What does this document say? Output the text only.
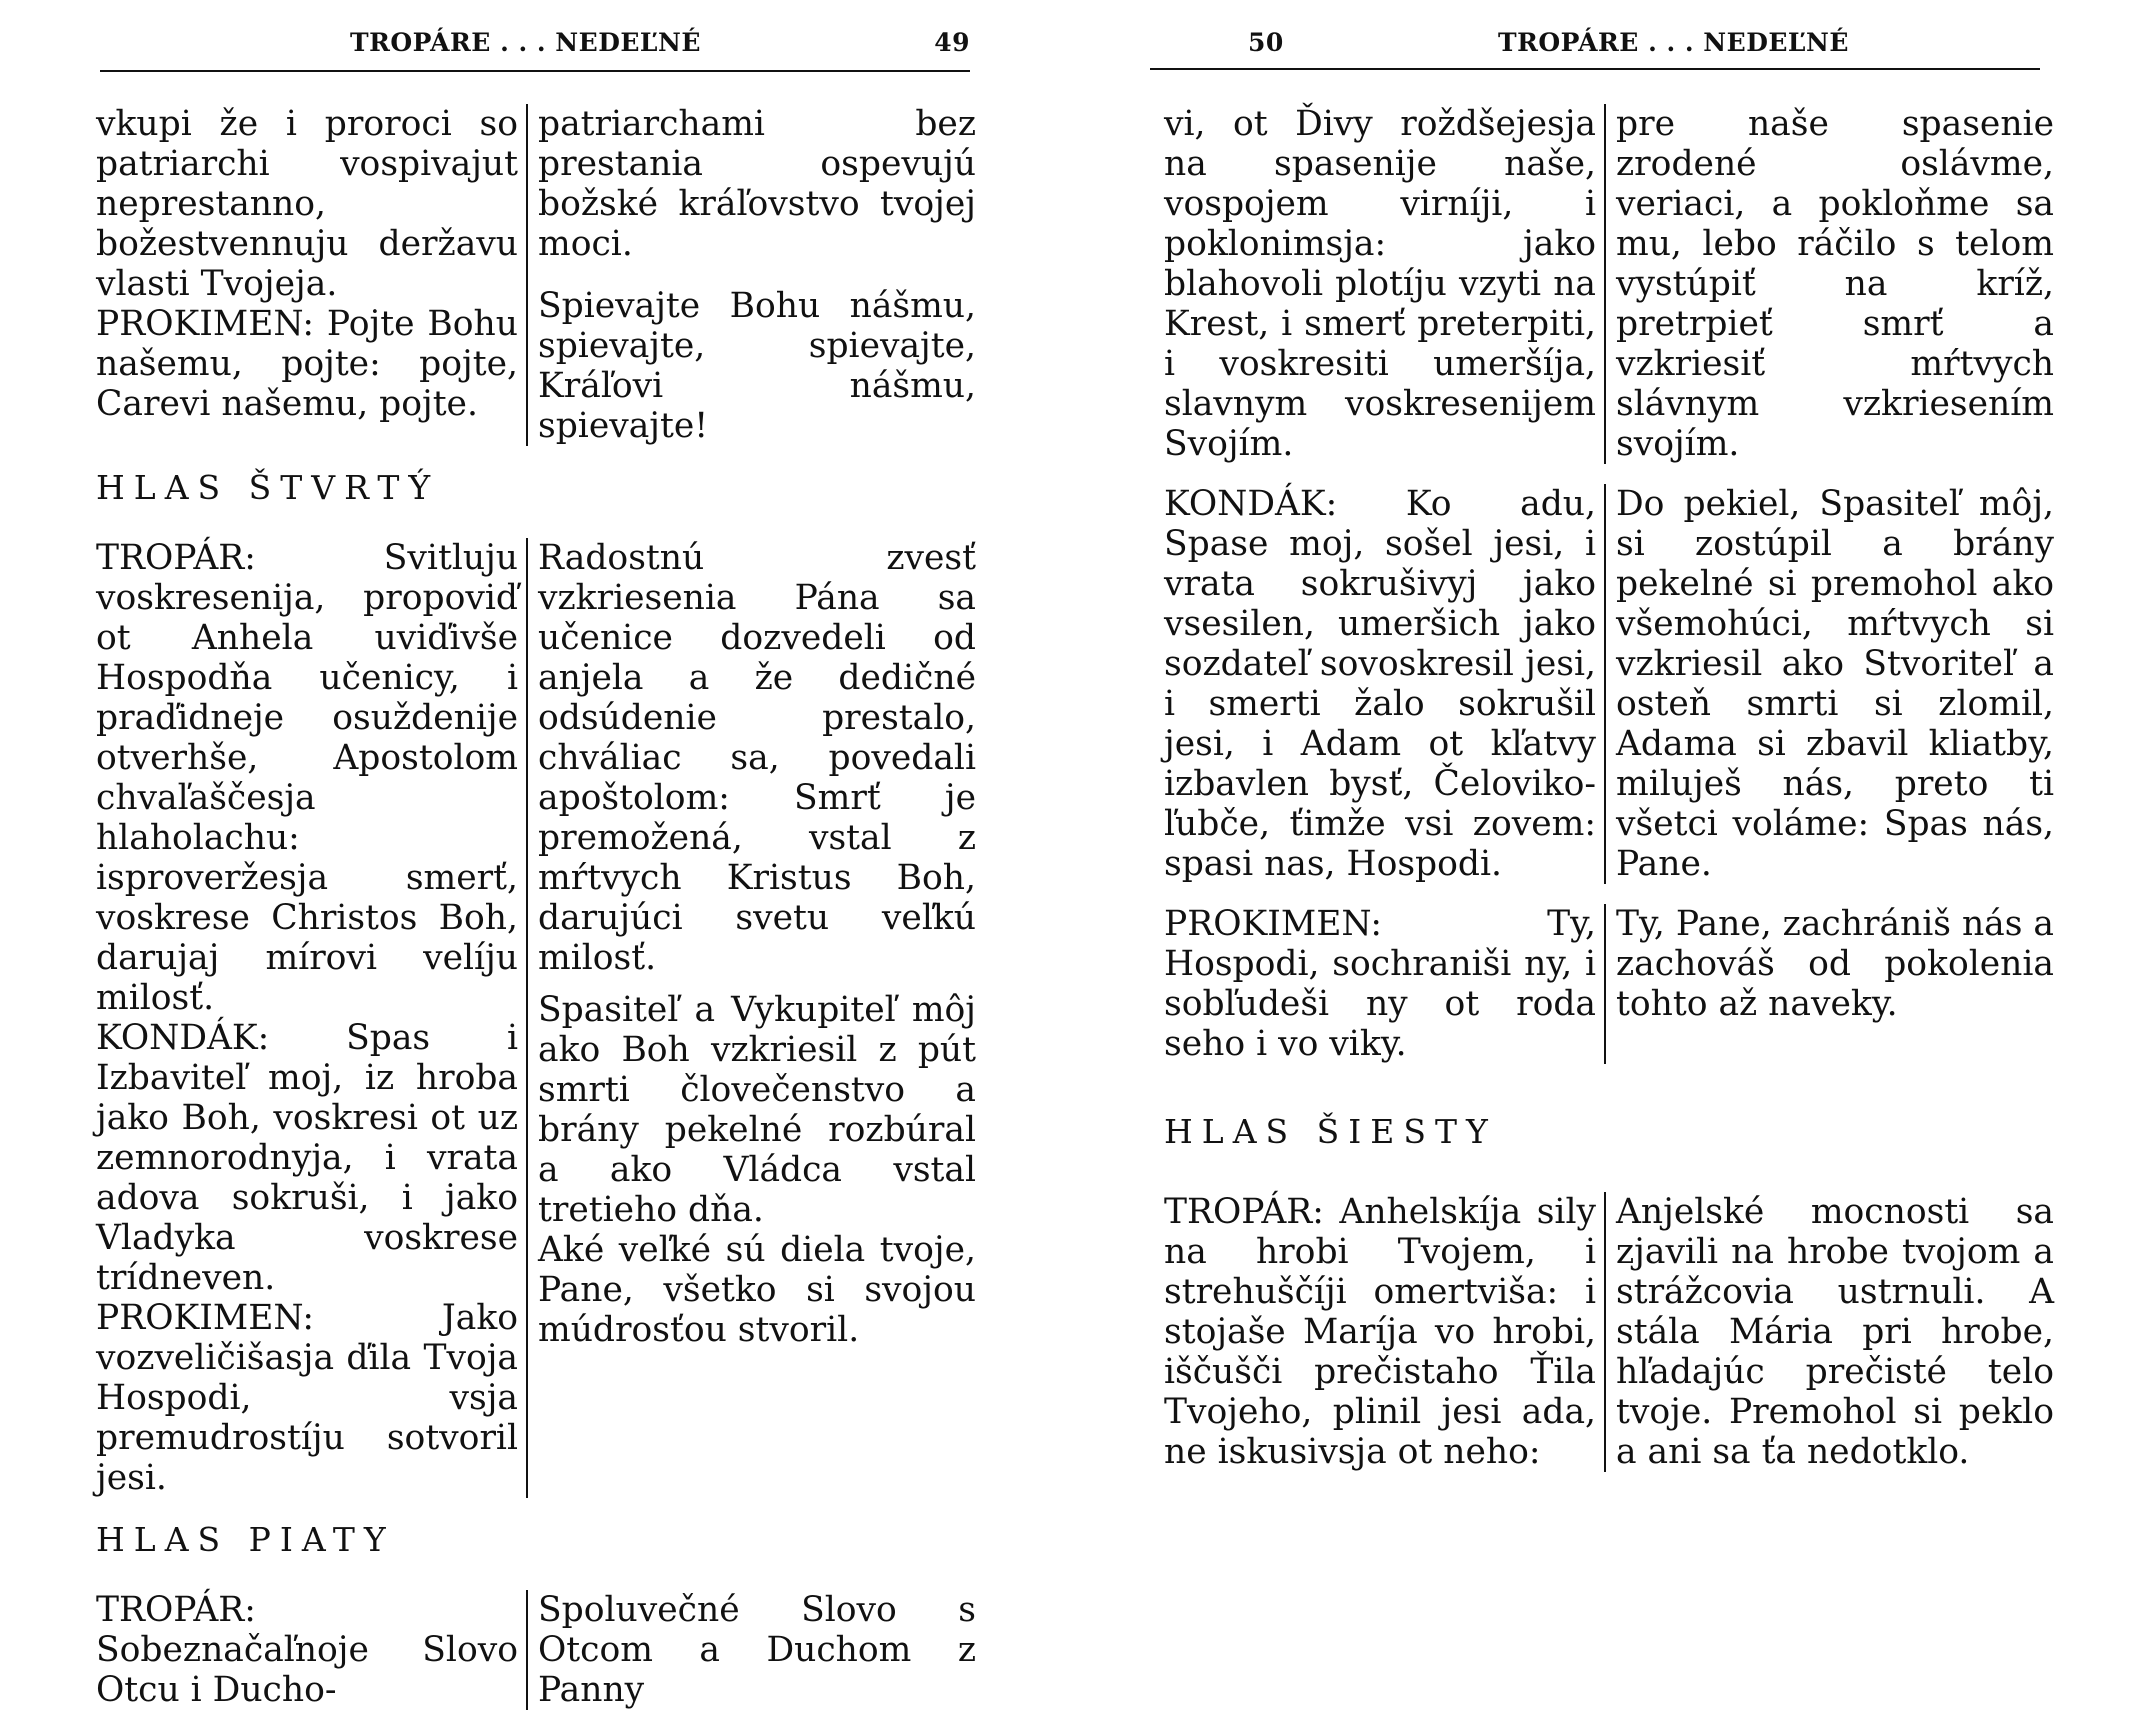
TROPÁRE . . . NEDEĽNÉ	49

vkupi že i proroci so patriarchi vospivajut neprestanno, božestvennuju deržavu vlasti Tvojeja.

PROKIMEN: Pojte Bohu našemu, pojte: pojte, Carevi našemu, pojte.

patriarchami bez prestania ospevujú božské kráľovstvo tvojej moci.

Spievajte Bohu nášmu, spievajte, spievajte, Kráľovi nášmu, spievajte!

HLAS ŠTVRTÝ

TROPÁR: Svitluju voskresenija, propoviď ot Anhela uviďivše Hospodňa učenicy, i praďidneje osuždenije otverhše, Apostolom chvaľaščesja hlaholachu: isproveržesja smerť, voskrese Christos Boh, darujaj mírovi velíju milosť.

KONDÁK: Spas i Izbaviteľ moj, iz hroba jako Boh, voskresi ot uz zemnorodnyja, i vrata adova sokruši, i jako Vladyka voskrese trídneven.

PROKIMEN: Jako vozveličišasja ďila Tvoja Hospodi, vsja premudrostíju sotvoril jesi.

Radostnú zvesť vzkriesenia Pána sa učenice dozvedeli od anjela a že dedičné odsúdenie prestalo, chváliac sa, povedali apoštolom: Smrť je premožená, vstal z mŕtvych Kristus Boh, darujúci svetu veľkú milosť.

Spasiteľ a Vykupiteľ môj ako Boh vzkriesil z pút smrti človečenstvo a brány pekelné rozbúral a ako Vládca vstal tretieho dňa.

Aké veľké sú diela tvoje, Pane, všetko si svojou múdrosťou stvoril.

HLAS PIATY

TROPÁR: Sobeznačaľnoje Slovo Otcu i Ducho-

Spoluvečné Slovo s Otcom a Duchom z Panny

50	TROPÁRE . . . NEDEĽNÉ

vi, ot Ďivy roždšejesja na spasenije naše, vospojem virníji, i poklonimsja: jako blahovoli plotíju vzyti na Krest, i smerť preterpiti, i voskresiti umeršíja, slavnym voskresenijem Svojím.

pre naše spasenie zrodené oslávme, veriaci, a pokloňme sa mu, lebo ráčilo s telom vystúpiť na kríž, pretrpieť smrť a vzkriesiť mŕtvych slávnym vzkriesením svojím.

KONDÁK: Ko adu, Spase moj, sošel jesi, i vrata sokrušivyj jako vsesilen, umeršich jako sozdateľ sovoskresil jesi, i smerti žalo sokrušil jesi, i Adam ot kľatvy izbavlen bysť, Čeloviko-ľubče, ťimže vsi zovem: spasi nas, Hospodi.

Do pekiel, Spasiteľ môj, si zostúpil a brány pekelné si premohol ako všemohúci, mŕtvych si vzkriesil ako Stvoriteľ a osteň smrti si zlomil, Adama si zbavil kliatby, miluješ nás, preto ti všetci voláme: Spas nás, Pane.

PROKIMEN: Ty, Hospodi, sochraniši ny, i sobľudeši ny ot roda seho i vo viky.

Ty, Pane, zachrániš nás a zachováš od pokolenia tohto až naveky.

HLAS ŠIESTY

TROPÁR: Anhelskíja sily na hrobi Tvojem, i strehuščíji omertviša: i stojaše Maríja vo hrobi, iščušči prečistaho Ťila Tvojeho, plinil jesi ada, ne iskusivsja ot neho:

Anjelské mocnosti sa zjavili na hrobe tvojom a strážcovia ustrnuli. A stála Mária pri hrobe, hľadajúc prečisté telo tvoje. Premohol si peklo a ani sa ťa nedotklo.
